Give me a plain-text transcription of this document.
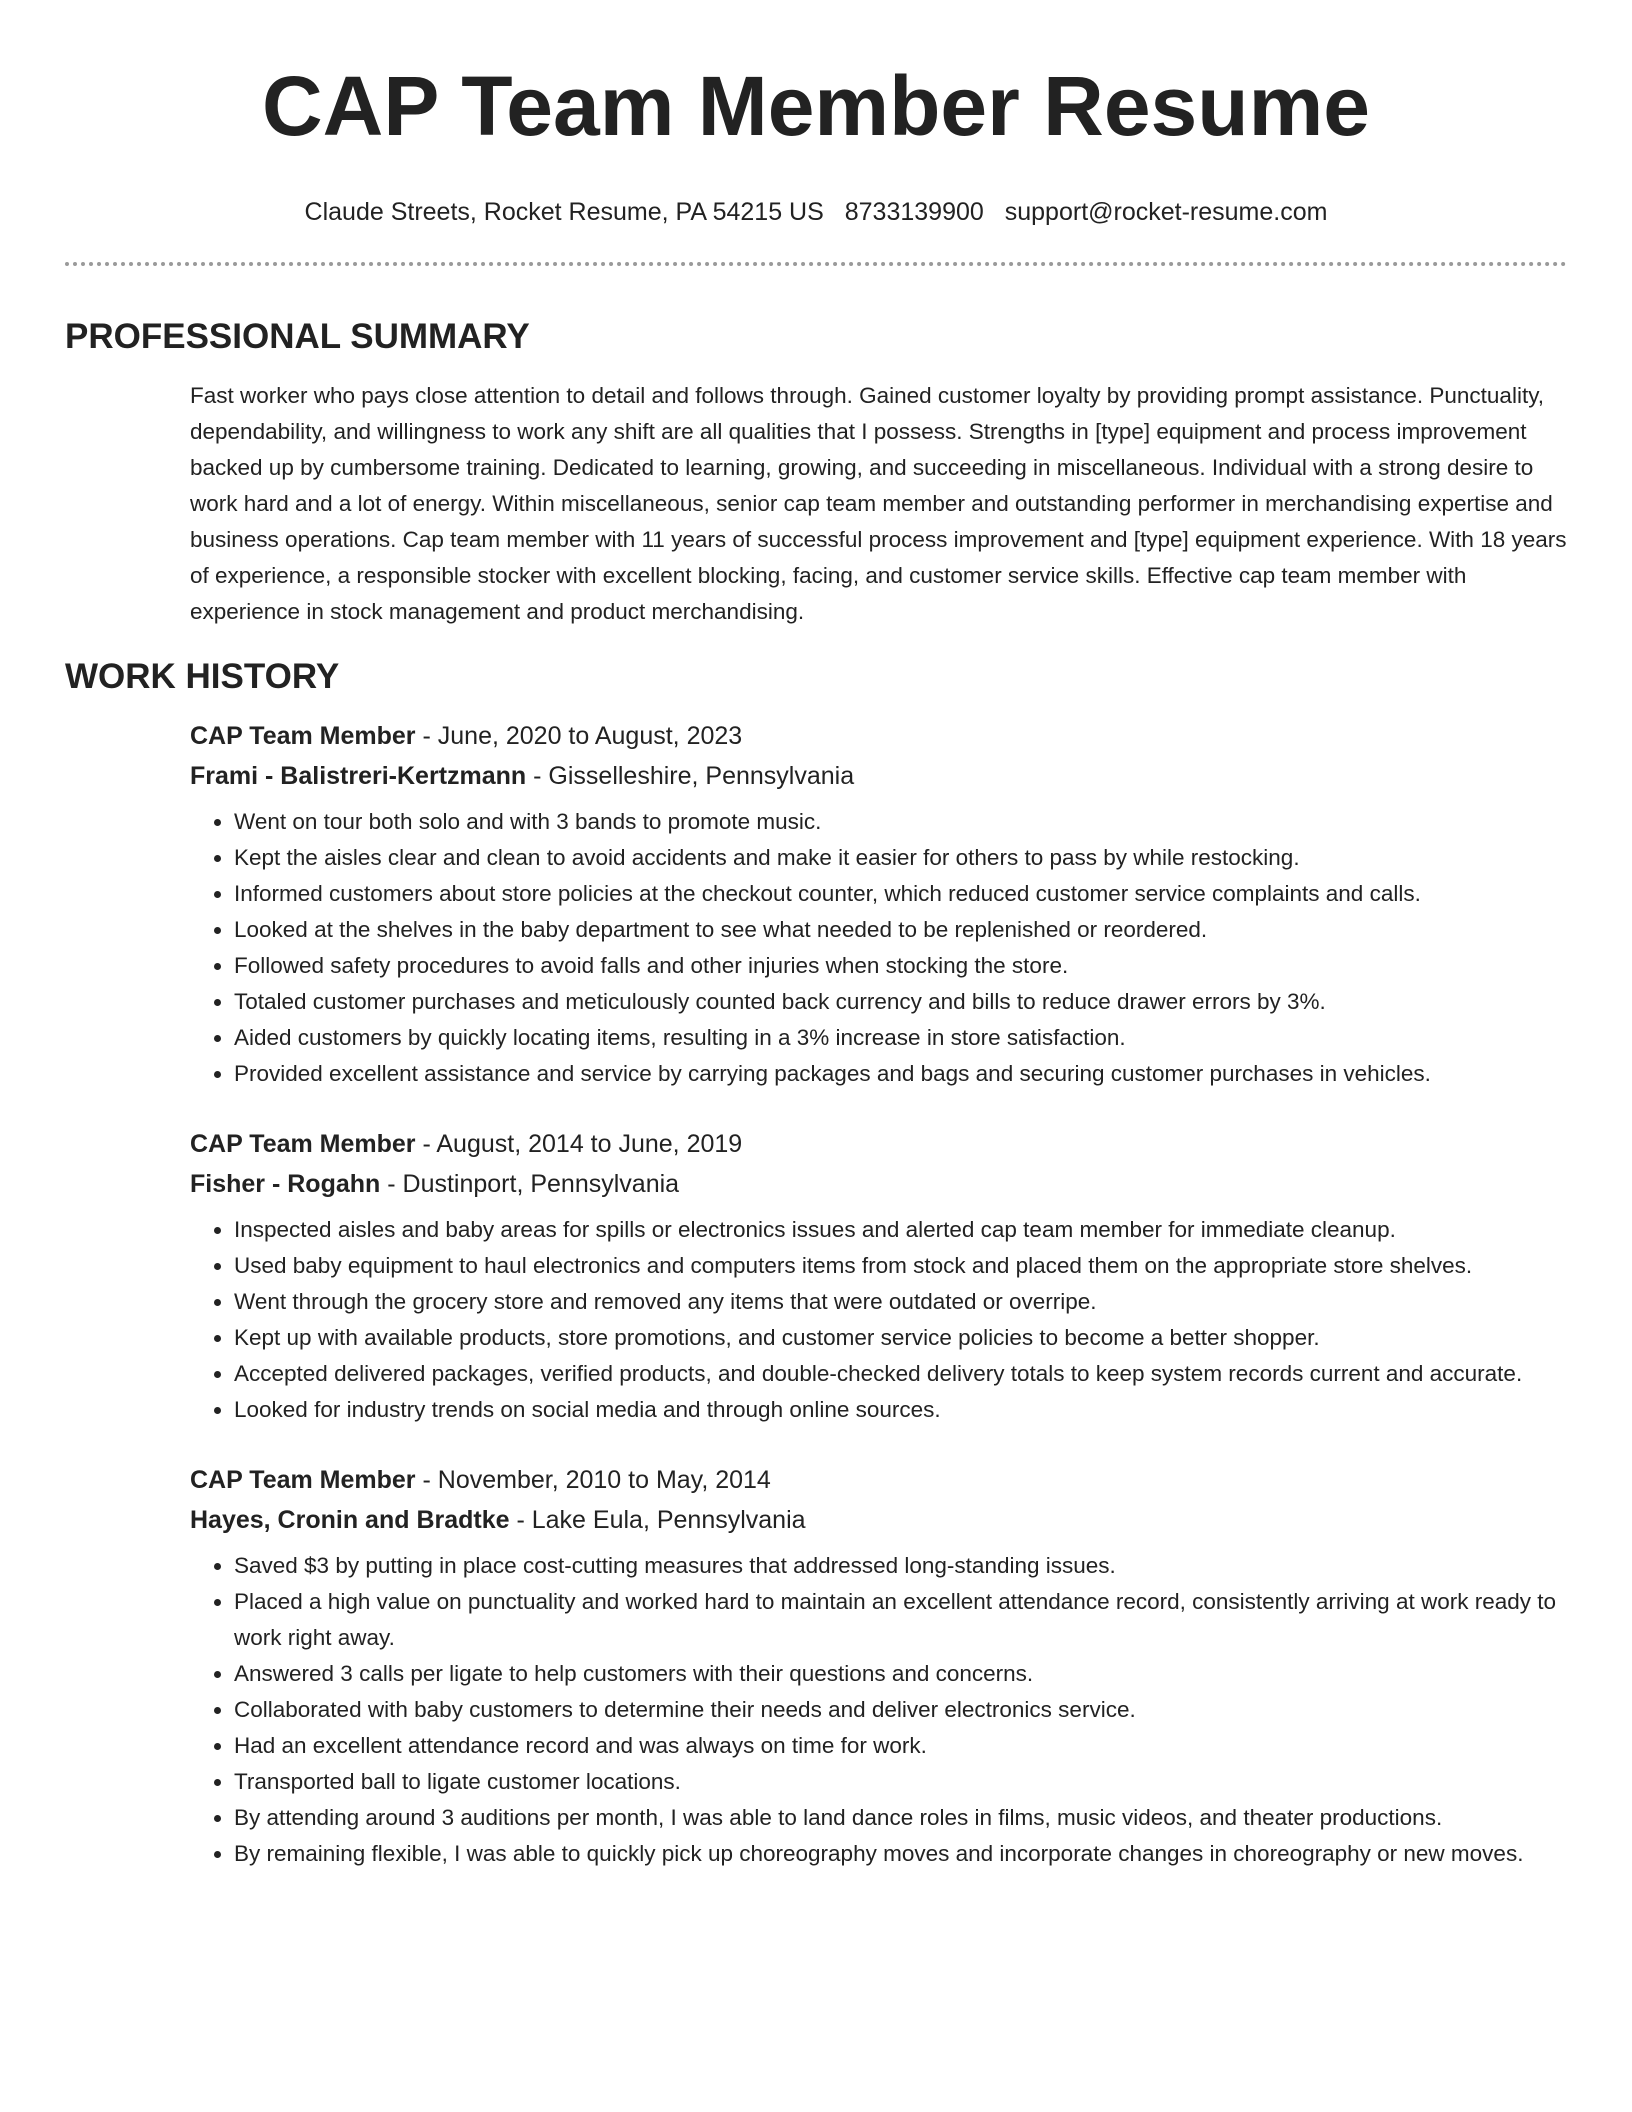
CAP Team Member Resume
Claude Streets, Rocket Resume, PA 54215 US 8733139900 support@rocket-resume.com
PROFESSIONAL SUMMARY
Fast worker who pays close attention to detail and follows through. Gained customer loyalty by providing prompt assistance. Punctuality, dependability, and willingness to work any shift are all qualities that I possess. Strengths in [type] equipment and process improvement backed up by cumbersome training. Dedicated to learning, growing, and succeeding in miscellaneous. Individual with a strong desire to work hard and a lot of energy. Within miscellaneous, senior cap team member and outstanding performer in merchandising expertise and business operations. Cap team member with 11 years of successful process improvement and [type] equipment experience. With 18 years of experience, a responsible stocker with excellent blocking, facing, and customer service skills. Effective cap team member with experience in stock management and product merchandising.
WORK HISTORY
CAP Team Member - June, 2020 to August, 2023
Frami - Balistreri-Kertzmann - Gisselleshire, Pennsylvania
• Went on tour both solo and with 3 bands to promote music.
• Kept the aisles clear and clean to avoid accidents and make it easier for others to pass by while restocking.
• Informed customers about store policies at the checkout counter, which reduced customer service complaints and calls.
• Looked at the shelves in the baby department to see what needed to be replenished or reordered.
• Followed safety procedures to avoid falls and other injuries when stocking the store.
• Totaled customer purchases and meticulously counted back currency and bills to reduce drawer errors by 3%.
• Aided customers by quickly locating items, resulting in a 3% increase in store satisfaction.
• Provided excellent assistance and service by carrying packages and bags and securing customer purchases in vehicles.
CAP Team Member - August, 2014 to June, 2019
Fisher - Rogahn - Dustinport, Pennsylvania
• Inspected aisles and baby areas for spills or electronics issues and alerted cap team member for immediate cleanup.
• Used baby equipment to haul electronics and computers items from stock and placed them on the appropriate store shelves.
• Went through the grocery store and removed any items that were outdated or overripe.
• Kept up with available products, store promotions, and customer service policies to become a better shopper.
• Accepted delivered packages, verified products, and double-checked delivery totals to keep system records current and accurate.
• Looked for industry trends on social media and through online sources.
CAP Team Member - November, 2010 to May, 2014
Hayes, Cronin and Bradtke - Lake Eula, Pennsylvania
• Saved $3 by putting in place cost-cutting measures that addressed long-standing issues.
• Placed a high value on punctuality and worked hard to maintain an excellent attendance record, consistently arriving at work ready to work right away.
• Answered 3 calls per ligate to help customers with their questions and concerns.
• Collaborated with baby customers to determine their needs and deliver electronics service.
• Had an excellent attendance record and was always on time for work.
• Transported ball to ligate customer locations.
• By attending around 3 auditions per month, I was able to land dance roles in films, music videos, and theater productions.
• By remaining flexible, I was able to quickly pick up choreography moves and incorporate changes in choreography or new moves.
